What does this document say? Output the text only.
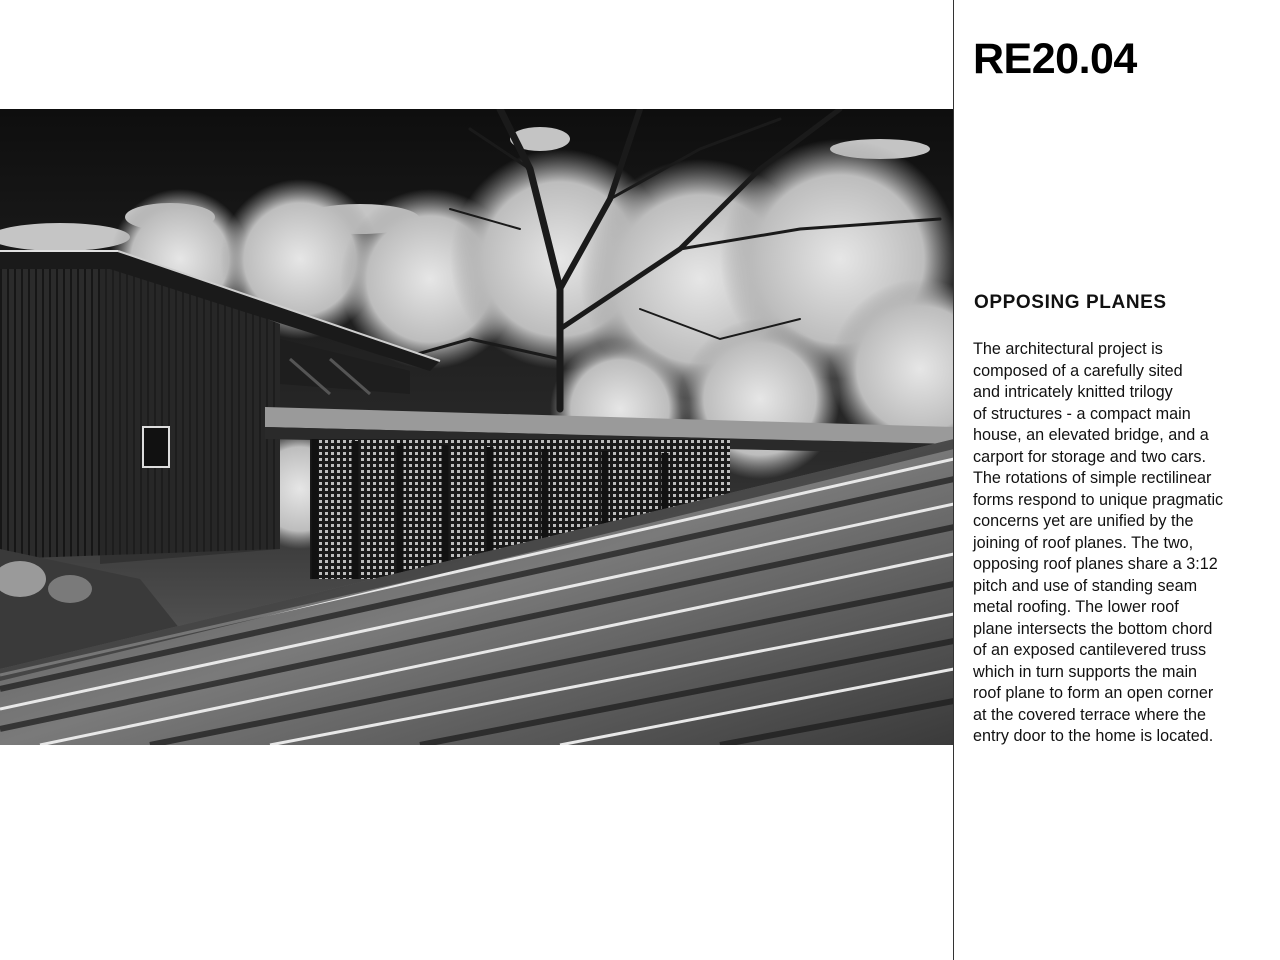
RE20.04
OPPOSING PLANES

The architectural project is
composed of a carefully sited
and intricately knitted trilogy
of structures - a compact main
house, an elevated bridge, and a
carport for storage and two cars.
The rotations of simple rectilinear
forms respond to unique pragmatic
concerns yet are unified by the
joining of roof planes. The two,
opposing roof planes share a 3:12
pitch and use of standing seam
metal roofing. The lower roof
plane intersects the bottom chord
of an exposed cantilevered truss
which in turn supports the main
roof plane to form an open corner
at the covered terrace where the
entry door to the home is located.
